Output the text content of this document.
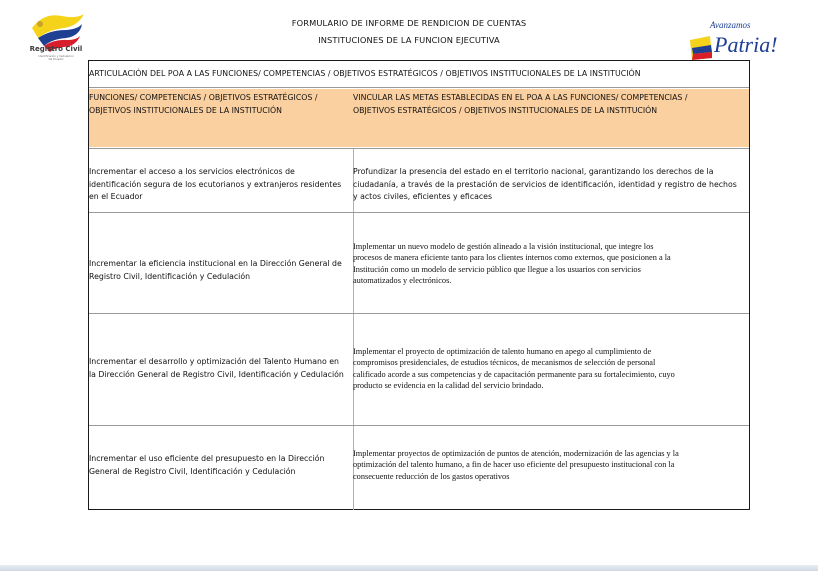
Registro Civil
Identificación y Cedulación
del Ecuador
FORMULARIO DE INFORME DE RENDICION DE CUENTAS
INSTITUCIONES DE LA FUNCION EJECUTIVA
Avanzamos
Patria!
ARTICULACIÓN DEL POA A LAS FUNCIONES/ COMPETENCIAS / OBJETIVOS ESTRATÉGICOS / OBJETIVOS INSTITUCIONALES DE LA INSTITUCIÓN
FUNCIONES/ COMPETENCIAS / OBJETIVOS ESTRATÉGICOS /
OBJETIVOS INSTITUCIONALES DE LA INSTITUCIÓN
VINCULAR LAS METAS ESTABLECIDAS EN EL POA A LAS FUNCIONES/ COMPETENCIAS /
OBJETIVOS ESTRATÉGICOS / OBJETIVOS INSTITUCIONALES DE LA INSTITUCIÓN
Incrementar el acceso a los servicios electrónicos de
identificación segura de los ecutorianos y extranjeros residentes
en el Ecuador
Profundizar la presencia del estado en el territorio nacional, garantizando los derechos de la
ciudadanía, a través de la prestación de servicios de identificación, identidad y registro de hechos
y actos civiles, eficientes y eficaces
Incrementar la eficiencia institucional en la Dirección General de
Registro Civil, Identificación y Cedulación
Implementar un nuevo modelo de gestión alineado a la visión institucional, que integre los
procesos de manera eficiente tanto para los clientes internos como externos, que posicionen a la
Institución como un modelo de servicio público que llegue a los usuarios con servicios
automatizados y electrónicos.
Incrementar el desarrollo y optimización del Talento Humano en
la Dirección General de Registro Civil, Identificación y Cedulación
Implementar el proyecto de optimización de talento humano en apego al cumplimiento de
compromisos presidenciales, de estudios técnicos, de mecanismos de selección de personal
calificado acorde a sus competencias y de capacitación permanente para su fortalecimiento, cuyo
producto se evidencia en la calidad del servicio brindado.
Incrementar el uso eficiente del presupuesto en la Dirección
General de Registro Civil, Identificación y Cedulación
Implementar proyectos de optimización de puntos de atención, modernización de las agencias y la
optimización del talento humano, a fin de hacer uso eficiente del presupuesto institucional con la
consecuente reducción de los gastos operativos
